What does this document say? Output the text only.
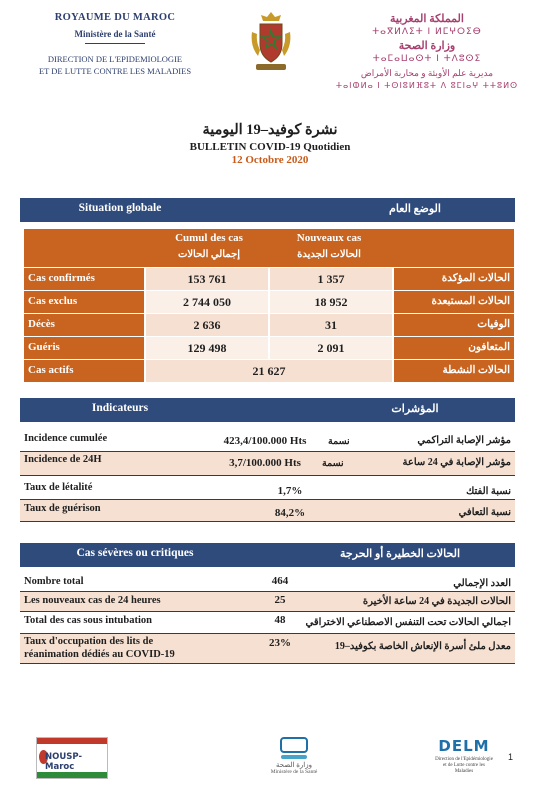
ROYAUME DU MAROC
Ministère de la Santé
DIRECTION DE L'EPIDEMIOLOGIE
ET DE LUTTE CONTRE LES MALADIES
المملكة المغربية
ⵜⴰⴳⵍⴷⵉⵜ ⵏ ⵍⵎⵖⵔⵉⴱ
وزارة الصحة
ⵜⴰⵎⴰⵡⴰⵙⵜ ⵏ ⵜⴷⵓⵙⵉ
مديرية علم الأوبئة و محاربة الأمراض
ⵜⴰⵏⵀⵍⴰ ⵏ ⵜⵙⵏⵓⵍⴼⵓⵜ ⴷ ⵓⵎⵏⴰⵖ ⵜⵜⵓⵍⵙ
نشرة كوفيد–19 اليومية
BULLETIN COVID-19 Quotidien
12 Octobre 2020
Situation globale	الوضع العام
Cumul des cas
إجمالي الحالات
Nouveaux cas
الحالات الجديدة
Cas confirmés	153 761	1 357	الحالات المؤكدة
Cas exclus	2 744 050	18 952	الحالات المستبعدة
Décès	2 636	31	الوفيات
Guéris	129 498	2 091	المتعافون
Cas actifs	21 627	الحالات النشطة
Indicateurs	المؤشرات
Incidence cumulée	423,4/100.000 Hts	نسمة	مؤشر الإصابة التراكمي
Incidence de 24H	3,7/100.000 Hts	نسمة	مؤشر الإصابة في 24 ساعة
Taux de létalité	1,7%	نسبة الفتك
Taux de guérison	84,2%	نسبة التعافي
Cas sévères ou critiques	الحالات الخطيرة أو الحرجة
Nombre total	464	العدد الإجمالي
Les nouveaux cas de 24 heures	25	الحالات الجديدة في 24 ساعة الأخيرة
Total des cas sous intubation	48	اجمالي الحالات تحت التنفس الاصطناعي الاختراقي
Taux d'occupation des lits de
réanimation dédiés au COVID-19
23%	معدل ملئ أسرة الإنعاش الخاصة بكوفيد–19
NOUSP-Maroc	وزارة الصحة
Ministère de la Santé
DELM
Direction de l'Epidémiologie et de Lutte contre les Maladies
1
